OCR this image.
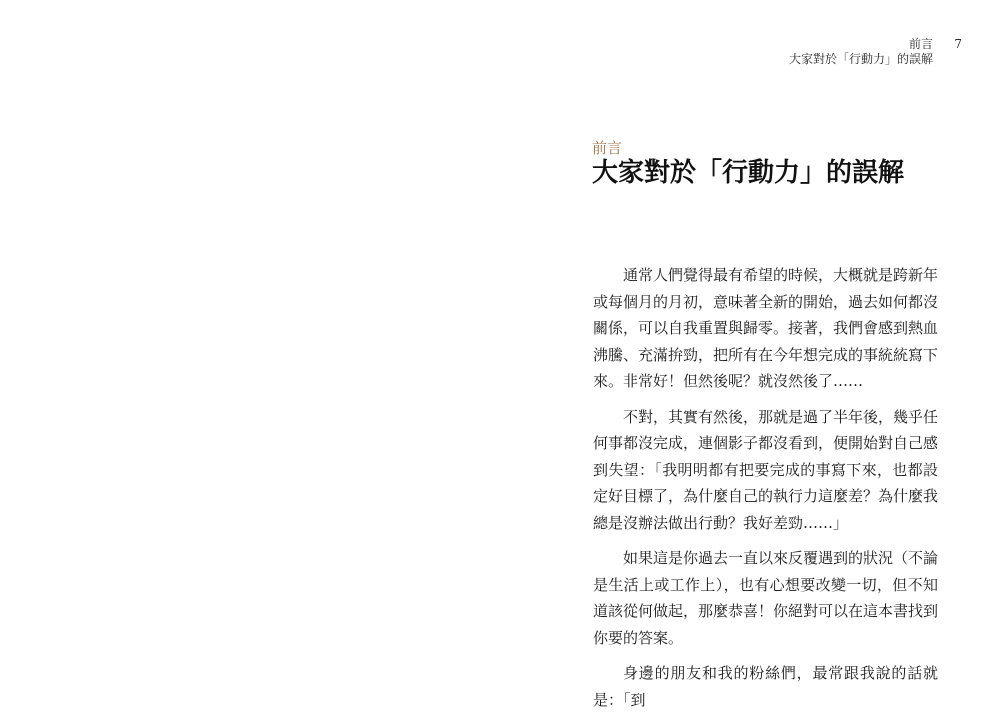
前言
大家對於「行動力」的誤解
7
前言
大家對於「行動力」的誤解

通常人們覺得最有希望的時候，大概就是跨新年或每個月的月初，意味著全新的開始，過去如何都沒關係，可以自我重置與歸零。接著，我們會感到熱血沸騰、充滿拚勁，把所有在今年想完成的事統統寫下來。非常好！但然後呢？就沒然後了……

不對，其實有然後，那就是過了半年後，幾乎任何事都沒完成，連個影子都沒看到，便開始對自己感到失望：「我明明都有把要完成的事寫下來，也都設定好目標了，為什麼自己的執行力這麼差？為什麼我總是沒辦法做出行動？我好差勁……」

如果這是你過去一直以來反覆遇到的狀況（不論是生活上或工作上），也有心想要改變一切，但不知道該從何做起，那麼恭喜！你絕對可以在這本書找到你要的答案。

身邊的朋友和我的粉絲們，最常跟我說的話就是：「到
